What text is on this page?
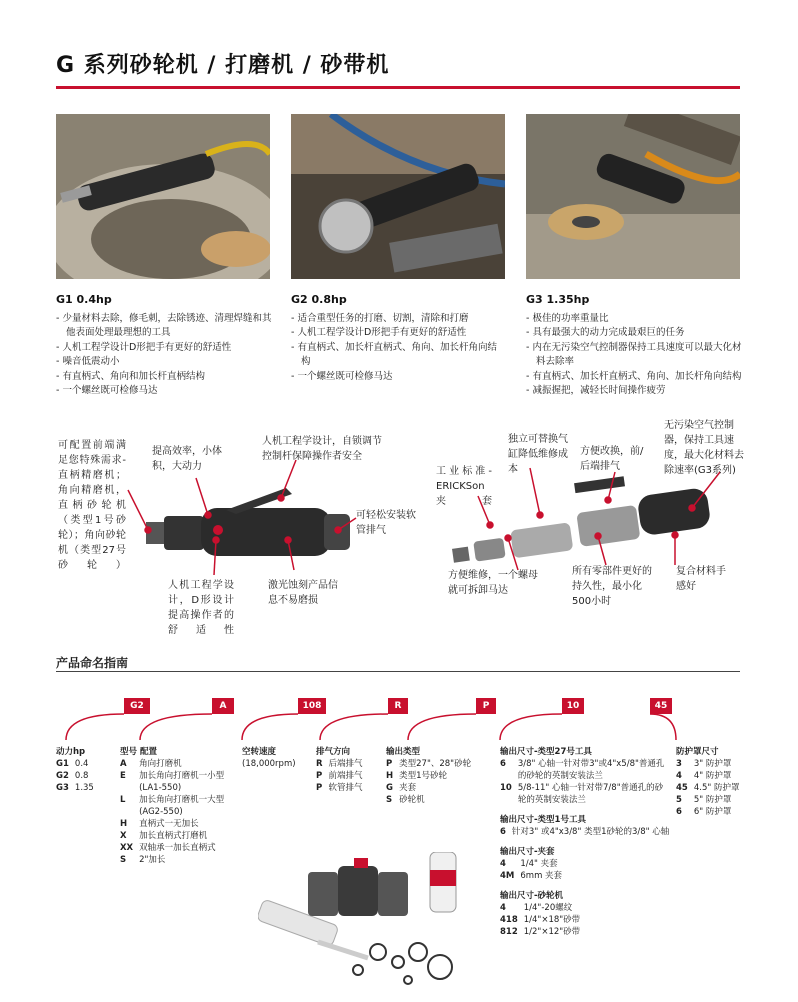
G 系列砂轮机 / 打磨机 / 砂带机
G1 0.4hp
- 少量材料去除，修毛刺，去除锈迹、清理焊缝和其他表面处理最理想的工具
- 人机工程学设计D形把手有更好的舒适性
- 噪音低震动小
- 有直柄式、角向和加长杆直柄结构
- 一个螺丝既可检修马达
G2 0.8hp
- 适合重型任务的打磨、切割，清除和打磨
- 人机工程学设计D形把手有更好的舒适性
- 有直柄式、加长杆直柄式、角向、加长杆角向结构
- 一个螺丝既可检修马达
G3 1.35hp
- 极佳的功率重量比
- 具有最强大的动力完成最艰巨的任务
- 内在无污染空气控制器保持工具速度可以最大化材料去除率
- 有直柄式、加长杆直柄式、角向、加长杆角向结构
- 减振握把，减轻长时间操作疲劳
可配置前端满足您特殊需求-直柄精磨机；角向精磨机，直柄砂轮机（类型1号砂轮）；角向砂轮机（类型27号砂轮）
提高效率，小体积，大动力
人机工程学设计，自锁调节控制杆保障操作者安全
可轻松安装软管排气
人机工程学设计，D形设计提高操作者的舒适性
激光蚀刻产品信息不易磨损
工业标准-ERICKSon夹套
独立可替换气缸降低维修成本
方便改换，前/后端排气
无污染空气控制器，保持工具速度，最大化材料去除速率(G3系列)
方便维修，一个螺母就可拆卸马达
所有零部件更好的持久性，最小化500小时
复合材料手感好
产品命名指南
G2	A	108	R	P	10	45
动力hp
G1	0.4
G2	0.8
G3	1.35
型号 配置
A	角向打磨机
E	加长角向打磨机一小型(LA1-550)
L	加长角向打磨机一大型(AG2-550)
H	直柄式一无加长
X	加长直柄式打磨机
XX	双轴承一加长直柄式
S	2"加长
空转速度
(18,000rpm)
排气方向
R	后端排气
P	前端排气
P	软管排气
输出类型
P	类型27"、28"砂轮
H	类型1号砂轮
G	夹套
S	砂轮机
输出尺寸-类型27号工具
6	3/8" 心轴一针对带3"或4"x5/8"普通孔的砂轮的英制安装法兰
10	5/8-11" 心轴一针对带7/8"普通孔的砂轮的英制安装法兰
输出尺寸-类型1号工具
6	针对3" 或4"x3/8" 类型1砂轮的3/8" 心轴
输出尺寸-夹套
4	1/4" 夹套
4M	6mm 夹套
输出尺寸-砂轮机
4	1/4"-20螺纹
418	1/4"×18"砂带
812	1/2"×12"砂带
防护罩尺寸
3	3" 防护罩
4	4" 防护罩
45	4.5" 防护罩
5	5" 防护罩
6	6" 防护罩
